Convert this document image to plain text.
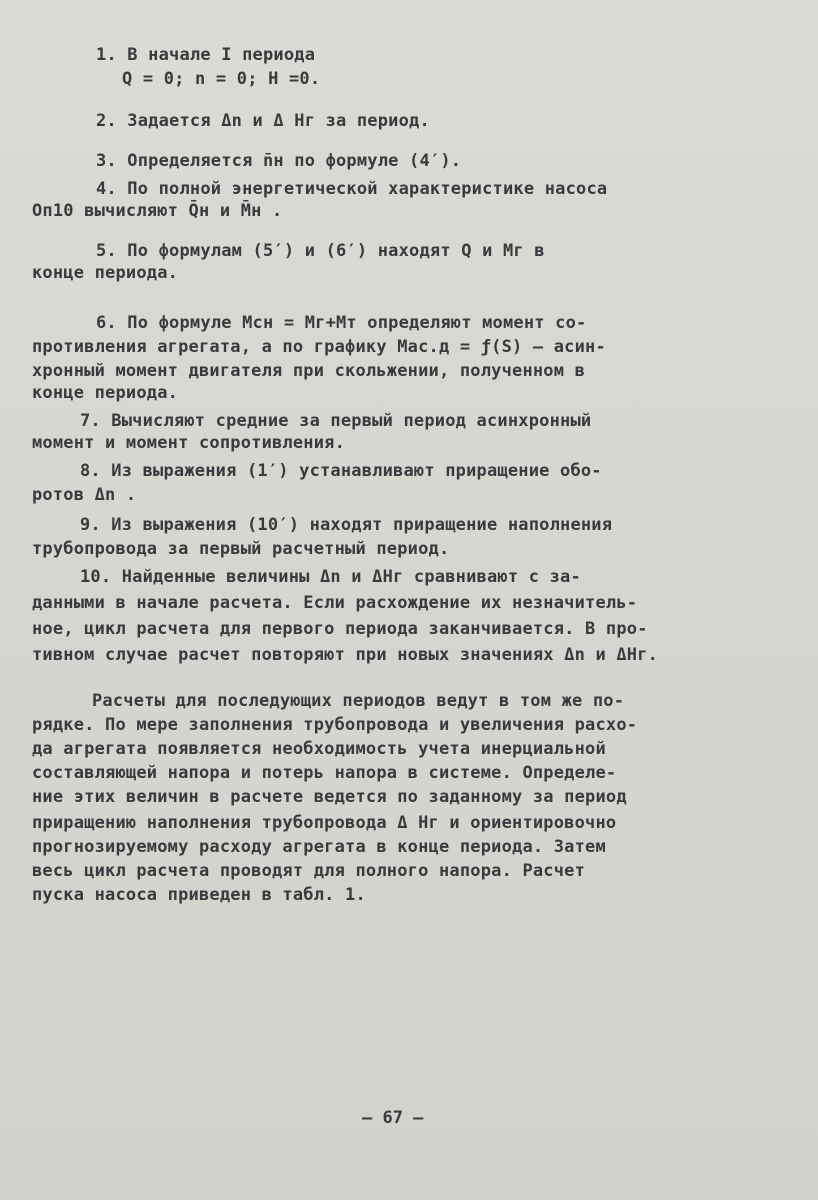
1. В начале I периода
Q = 0; n = 0; H =0.
2. Задается Δn и Δ Hг за период.
3. Определяется n̄н по формуле (4′).
4. По полной энергетической характеристике насоса
Оп10 вычисляют Q̄н и M̄н .
5. По формулам (5′) и (6′) находят Q и Mг в
конце периода.
6. По формуле Mсн = Mг+Mт определяют момент со-
противления агрегата, а по графику Mас.д = ƒ(S) – асин-
хронный момент двигателя при скольжении, полученном в
конце периода.
7. Вычисляют средние за первый период асинхронный
момент и момент сопротивления.
8. Из выражения (1′) устанавливают приращение обо-
ротов Δn .
9. Из выражения (10′) находят приращение наполнения
трубопровода за первый расчетный период.
10. Найденные величины Δn и ΔHг сравнивают с за-
данными в начале расчета. Если расхождение их незначитель-
ное, цикл расчета для первого периода заканчивается. В про-
тивном случае расчет повторяют при новых значениях Δn и ΔHг.
Расчеты для последующих периодов ведут в том же по-
рядке. По мере заполнения трубопровода и увеличения расхо-
да агрегата появляется необходимость учета инерциальной
составляющей напора и потерь напора в системе. Определе-
ние этих величин в расчете ведется по заданному за период
приращению наполнения трубопровода Δ Hг и ориентировочно
прогнозируемому расходу агрегата в конце периода. Затем
весь цикл расчета проводят для полного напора. Расчет
пуска насоса приведен в табл. 1.
– 67 –
